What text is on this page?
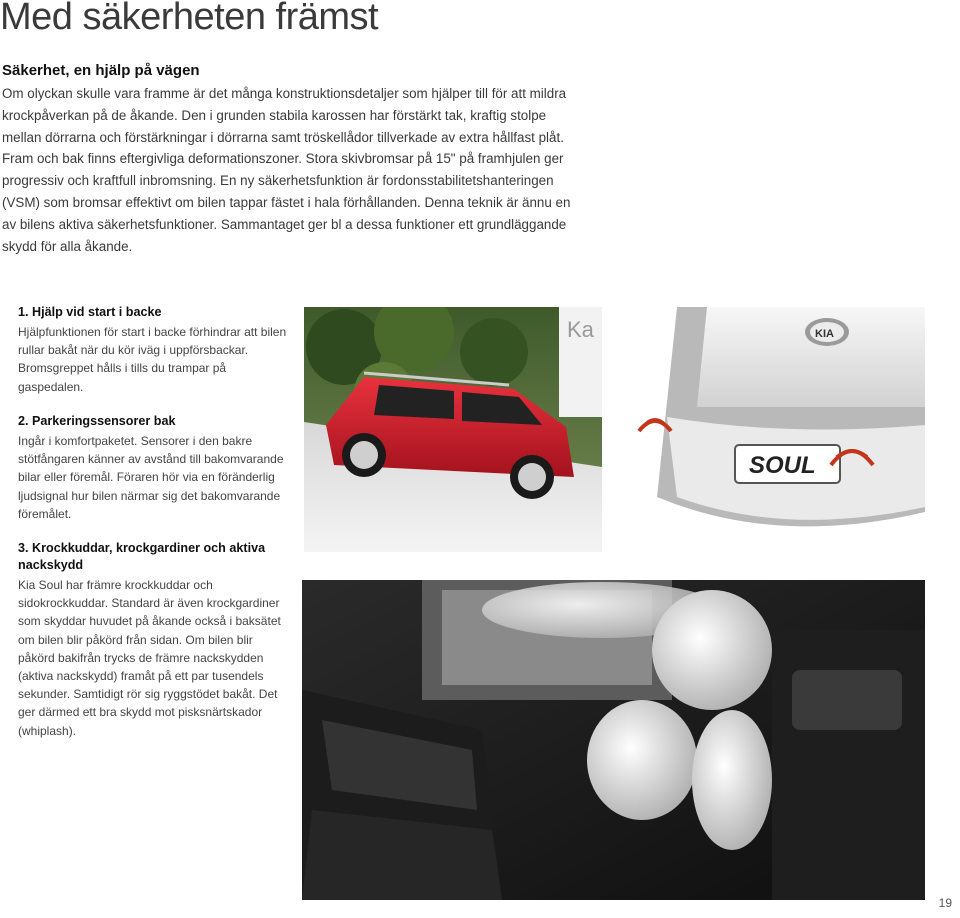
Med säkerheten främst
Säkerhet, en hjälp på vägen

Om olyckan skulle vara framme är det många konstruktionsdetaljer som hjälper till för att mildra krockpåverkan på de åkande. Den i grunden stabila karossen har förstärkt tak, kraftig stolpe mellan dörrarna och förstärkningar i dörrarna samt tröskellådor tillverkade av extra hållfast plåt. Fram och bak finns eftergivliga deformationszoner. Stora skivbromsar på 15" på framhjulen ger progressiv och kraftfull inbromsning. En ny säkerhetsfunktion är fordonsstabilitetshanteringen (VSM) som bromsar effektivt om bilen tappar fästet i hala förhållanden. Denna teknik är ännu en av bilens aktiva säkerhetsfunktioner. Sammantaget ger bl a dessa funktioner ett grundläggande skydd för alla åkande.

1. Hjälp vid start i backe

Hjälpfunktionen för start i backe förhindrar att bilen rullar bakåt när du kör iväg i uppförsbackar. Bromsgreppet hålls i tills du trampar på gaspedalen.

2. Parkeringssensorer bak

Ingår i komfortpaketet. Sensorer i den bakre stötfångaren känner av avstånd till bakomvarande bilar eller föremål. Föraren hör via en föränderlig ljudsignal hur bilen närmar sig det bakomvarande föremålet.

3. Krockkuddar, krockgardiner och aktiva nackskydd

Kia Soul har främre krockkuddar och sidokrockkuddar. Standard är även krockgardiner som skyddar huvudet på åkande också i baksätet om bilen blir påkörd från sidan. Om bilen blir påkörd bakifrån trycks de främre nackskydden (aktiva nackskydd) framåt på ett par tusendels sekunder. Samtidigt rör sig ryggstödet bakåt. Det ger därmed ett bra skydd mot pisksnärtskador (whiplash).

Ka	KIA
SOUL
19
